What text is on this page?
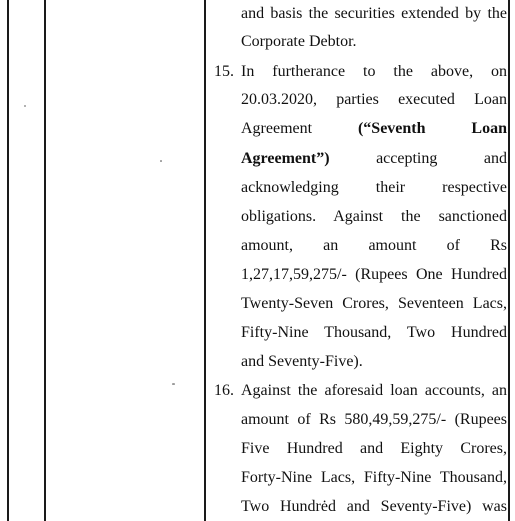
and basis the securities extended by the
Corporate Debtor.
15. In furtherance to the above, on
20.03.2020, parties executed Loan
Agreement	(“Seventh	Loan
Agreement”)	accepting	and
acknowledging their respective
obligations. Against the sanctioned
amount, an amount of Rs
1,27,17,59,275/- (Rupees One Hundred
Twenty-Seven Crores, Seventeen Lacs,
Fifty-Nine Thousand, Two Hundred
and Seventy-Five).
16. Against the aforesaid loan accounts, an
amount of Rs 580,49,59,275/- (Rupees
Five Hundred and Eighty Crores,
Forty-Nine Lacs, Fifty-Nine Thousand,
Two Hundrėd and Seventy-Five) was
